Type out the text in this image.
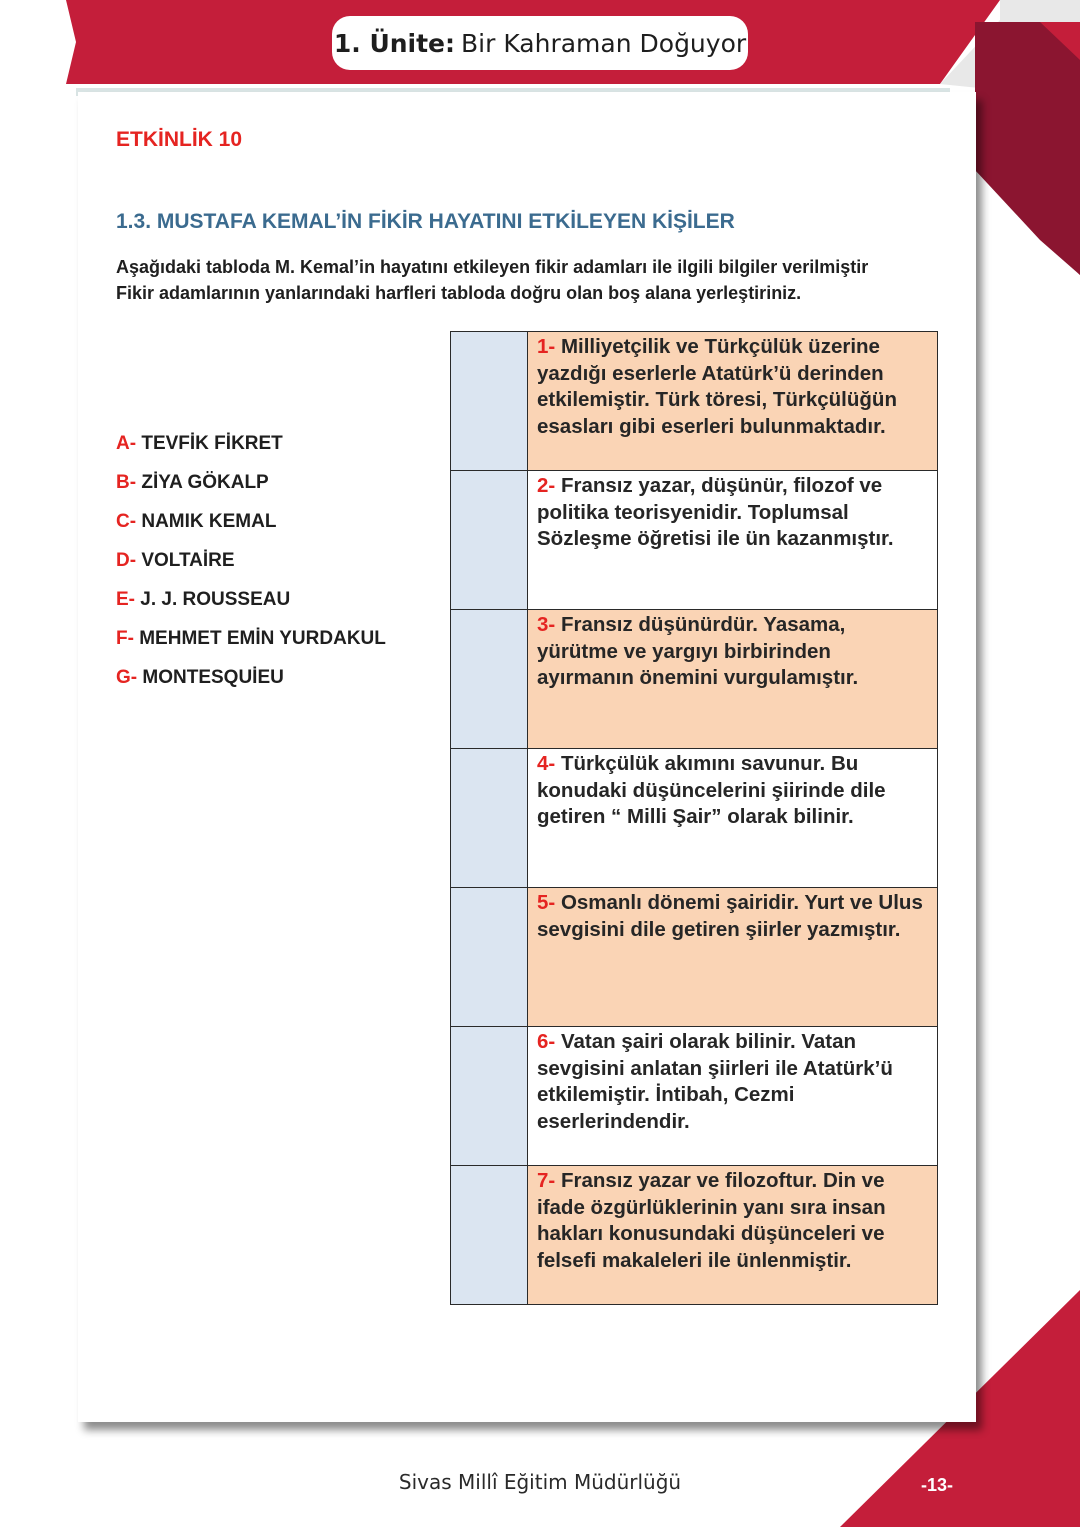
1. Ünite: Bir Kahraman Doğuyor
ETKİNLİK 10
1.3. MUSTAFA KEMAL’İN FİKİR HAYATINI ETKİLEYEN KİŞİLER
Aşağıdaki tabloda M. Kemal’in hayatını etkileyen fikir adamları ile ilgili bilgiler verilmiştir
Fikir adamlarının yanlarındaki harfleri tabloda doğru olan boş alana yerleştiriniz.
A- TEVFİK FİKRET
B- ZİYA GÖKALP
C- NAMIK KEMAL
D- VOLTAİRE
E- J. J. ROUSSEAU
F- MEHMET EMİN YURDAKUL
G- MONTESQUİEU
	1- Milliyetçilik ve Türkçülük üzerine yazdığı eserlerle Atatürk’ü derinden etkilemiştir. Türk töresi, Türkçülüğün esasları gibi eserleri bulunmaktadır.
	2- Fransız yazar, düşünür, filozof ve politika teorisyenidir. Toplumsal Sözleşme öğretisi ile ün kazanmıştır.
	3- Fransız düşünürdür. Yasama, yürütme ve yargıyı birbirinden ayırmanın önemini vurgulamıştır.
	4- Türkçülük akımını savunur. Bu konudaki düşüncelerini şiirinde dile getiren “ Milli Şair” olarak bilinir.
	5- Osmanlı dönemi şairidir. Yurt ve Ulus sevgisini dile getiren şiirler yazmıştır.
	6- Vatan şairi olarak bilinir. Vatan sevgisini anlatan şiirleri ile Atatürk’ü etkilemiştir. İntibah, Cezmi eserlerindendir.
	7- Fransız yazar ve filozoftur. Din ve ifade özgürlüklerinin yanı sıra insan hakları konusundaki düşünceleri ve felsefi makaleleri ile ünlenmiştir.
Sivas Millî Eğitim Müdürlüğü	-13-
